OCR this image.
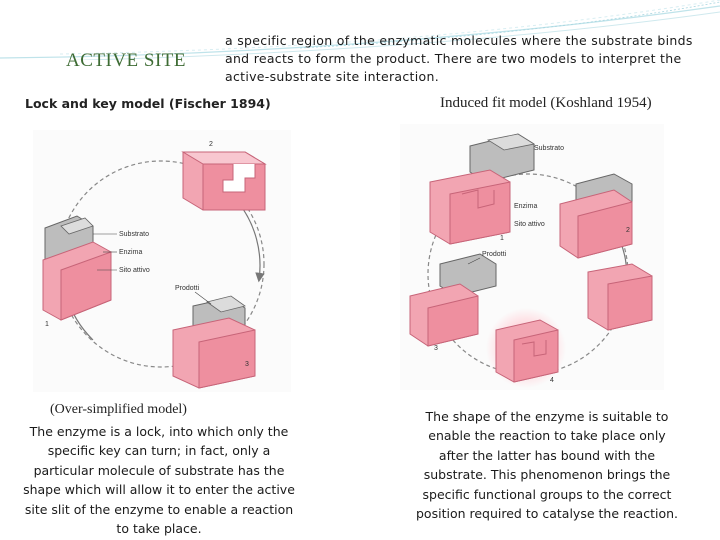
ACTIVE SITE
a specific region of the enzymatic molecules where the substrate binds and reacts to form the product. There are two models to interpret the active-substrate site interaction.
Lock and key model (Fischer 1894)	Induced fit model (Koshland 1954)
2
Substrato
Enzima
Sito attivo
1
Prodotti
3
Substrato
Enzima
Sito attivo
1
2
Prodotti
3
4
(Over-simplified model)
The enzyme is a lock, into which only the specific key can turn; in fact, only a particular molecule of substrate has the shape which will allow it to enter the active site slit of the enzyme to enable a reaction to take place.
The shape of the enzyme is suitable to enable the reaction to take place only after the latter has bound with the substrate. This phenomenon brings the specific functional groups to the correct position required to catalyse the reaction.
